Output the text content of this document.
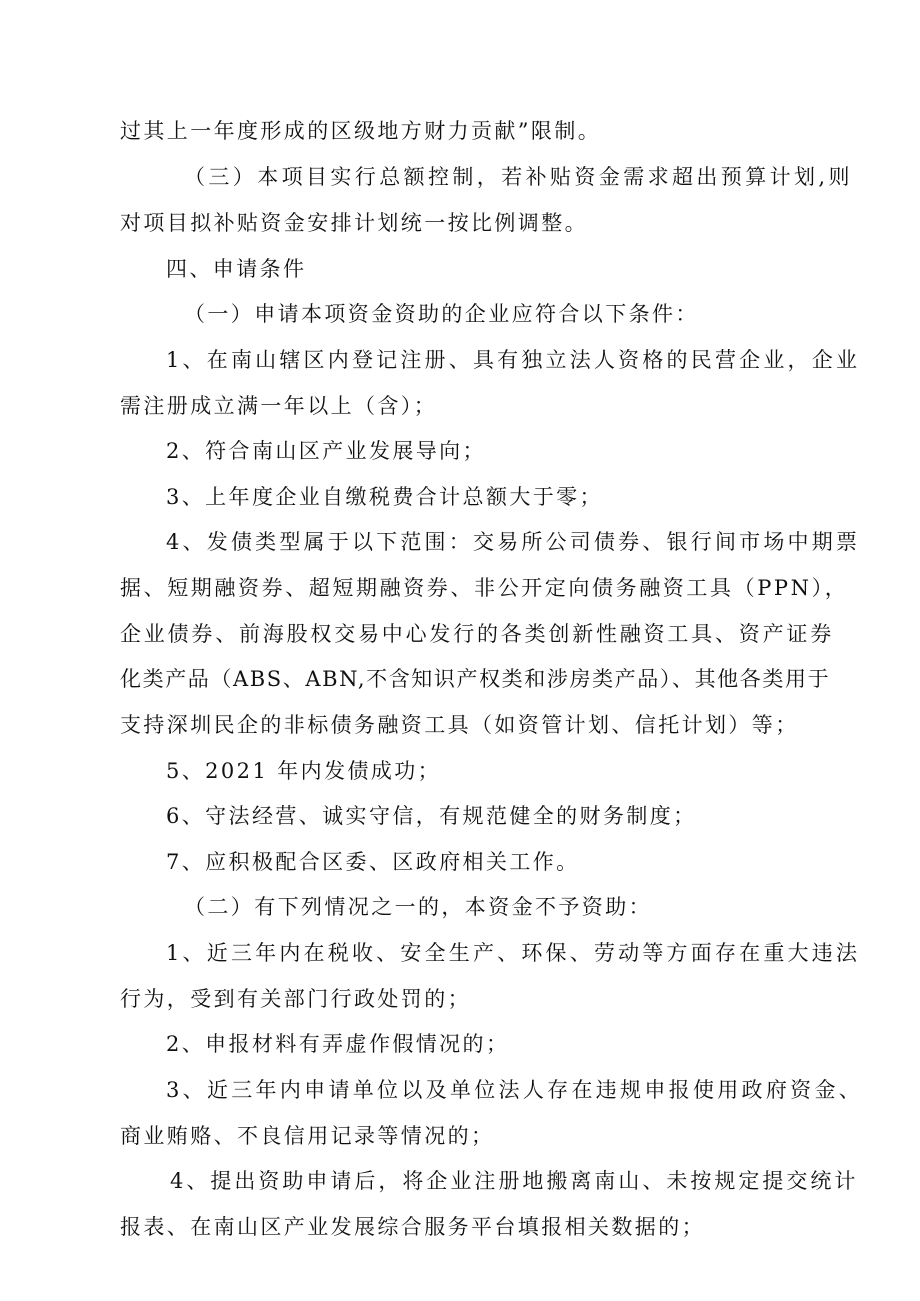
过其上一年度形成的区级地方财力贡献”限制。
（三）本项目实行总额控制，若补贴资金需求超出预算计划,则
对项目拟补贴资金安排计划统一按比例调整。
四、申请条件
（一）申请本项资金资助的企业应符合以下条件：
1、在南山辖区内登记注册、具有独立法人资格的民营企业，企业
需注册成立满一年以上（含）；
2、符合南山区产业发展导向；
3、上年度企业自缴税费合计总额大于零；
4、发债类型属于以下范围：交易所公司债券、银行间市场中期票
据、短期融资券、超短期融资券、非公开定向债务融资工具（PPN），
企业债券、前海股权交易中心发行的各类创新性融资工具、资产证券
化类产品（ABS、ABN,不含知识产权类和涉房类产品）、其他各类用于
支持深圳民企的非标债务融资工具（如资管计划、信托计划）等；
5、2021 年内发债成功；
6、守法经营、诚实守信，有规范健全的财务制度；
7、应积极配合区委、区政府相关工作。
（二）有下列情况之一的，本资金不予资助：
1、近三年内在税收、安全生产、环保、劳动等方面存在重大违法
行为，受到有关部门行政处罚的；
2、申报材料有弄虚作假情况的；
3、近三年内申请单位以及单位法人存在违规申报使用政府资金、
商业贿赂、不良信用记录等情况的；
4、提出资助申请后，将企业注册地搬离南山、未按规定提交统计
报表、在南山区产业发展综合服务平台填报相关数据的；
